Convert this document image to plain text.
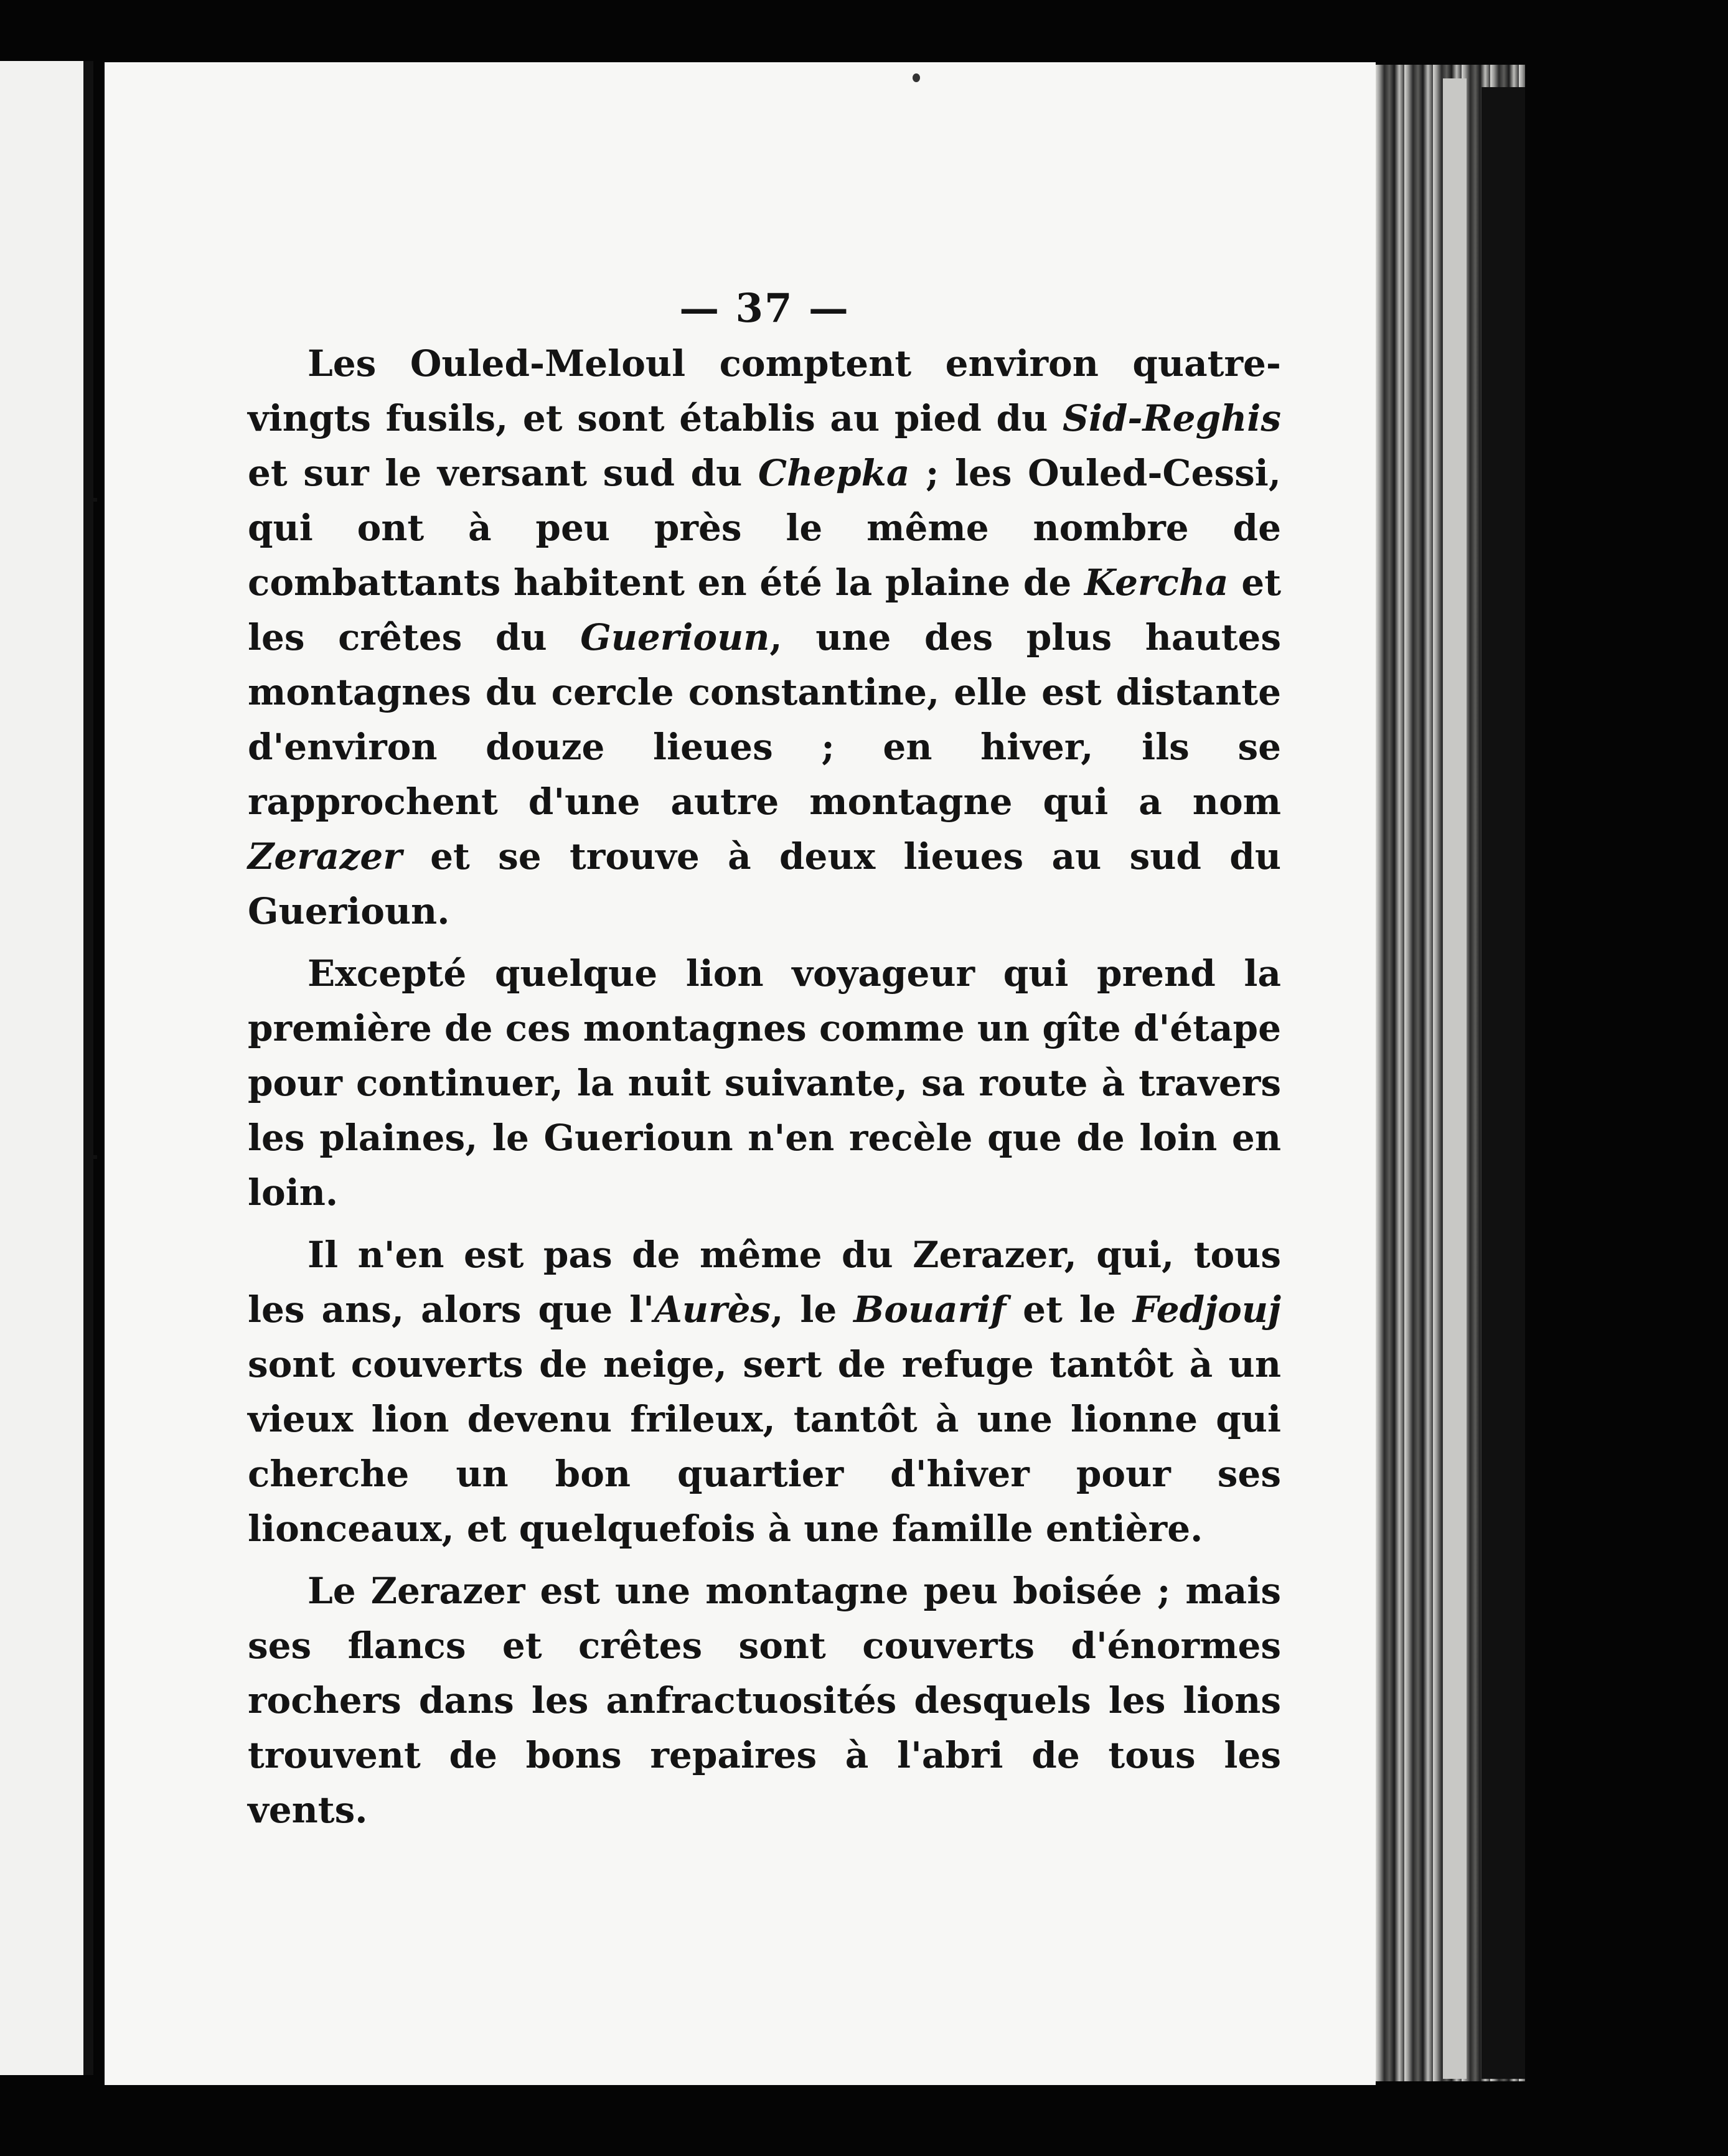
— 37 —

Les Ouled-Meloul comptent environ quatre-vingts fusils, et sont établis au pied du Sid-Reghis et sur le versant sud du Chepka ; les Ouled-Cessi, qui ont à peu près le même nombre de combattants habitent en été la plaine de Kercha et les crêtes du Guerioun, une des plus hautes montagnes du cercle constantine, elle est distante d'environ douze lieues ; en hiver, ils se rapprochent d'une autre montagne qui a nom Zerazer et se trouve à deux lieues au sud du Guerioun.

Excepté quelque lion voyageur qui prend la première de ces montagnes comme un gîte d'étape pour continuer, la nuit suivante, sa route à travers les plaines, le Guerioun n'en recèle que de loin en loin.

Il n'en est pas de même du Zerazer, qui, tous les ans, alors que l'Aurès, le Bouarif et le Fedjouj sont couverts de neige, sert de refuge tantôt à un vieux lion devenu frileux, tantôt à une lionne qui cherche un bon quartier d'hiver pour ses lionceaux, et quelquefois à une famille entière.

Le Zerazer est une montagne peu boisée ; mais ses flancs et crêtes sont couverts d'énormes rochers dans les anfractuosités desquels les lions trouvent de bons repaires à l'abri de tous les vents.
